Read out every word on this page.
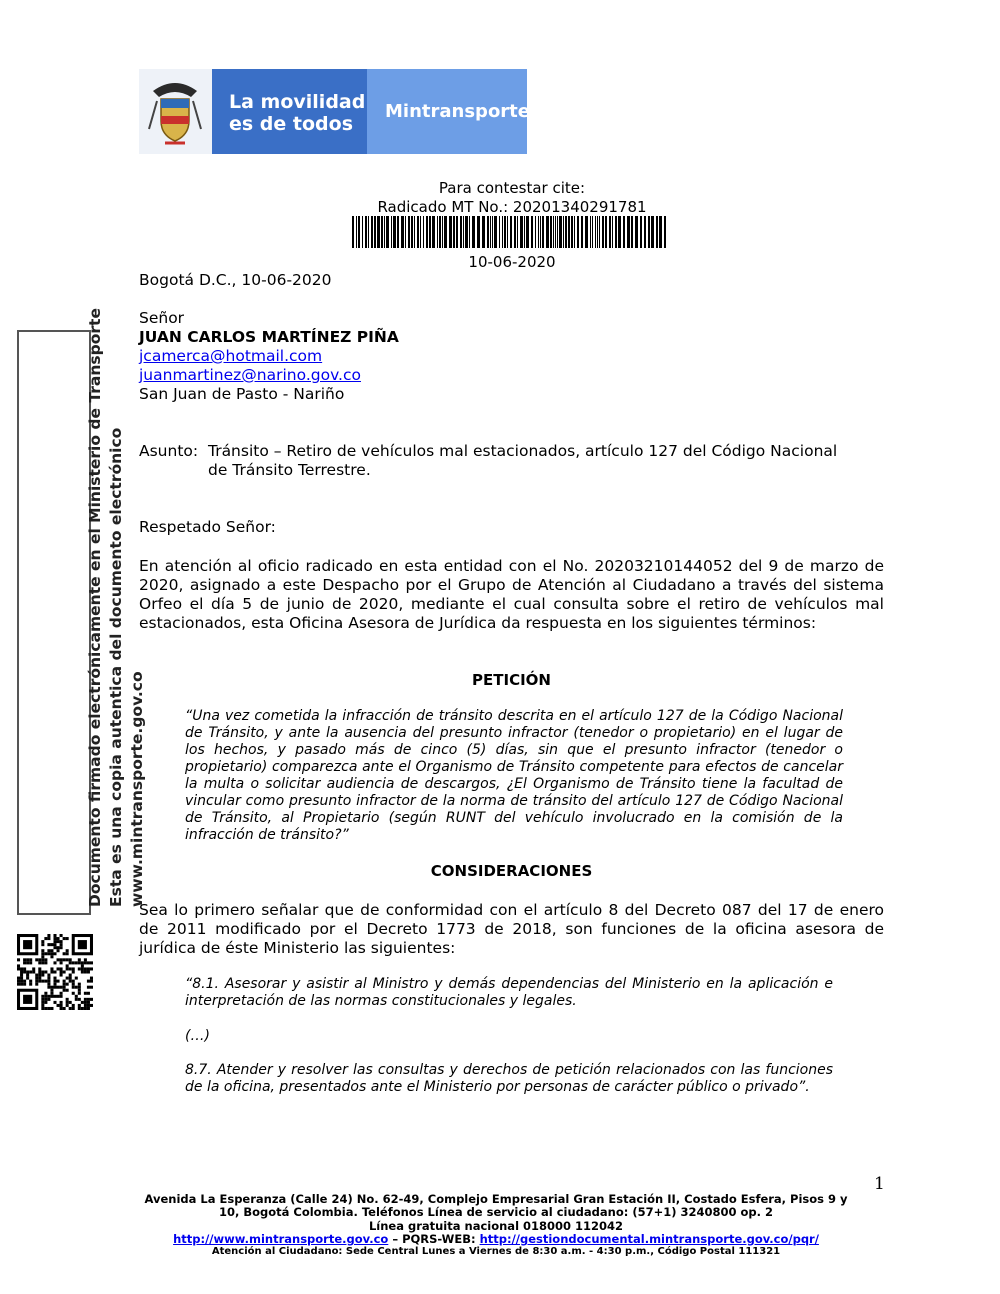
La movilidad
es de todos
Mintransporte
Para contestar cite:
Radicado MT No.: 20201340291781
10-06-2020
Bogotá D.C., 10-06-2020
Señor
JUAN CARLOS MARTÍNEZ PIÑA
jcamerca@hotmail.com
juanmartinez@narino.gov.co
San Juan de Pasto - Nariño
Asunto: Tránsito – Retiro de vehículos mal estacionados, artículo 127 del Código Nacional
de Tránsito Terrestre.
Respetado Señor:
En atención al oficio radicado en esta entidad con el No. 20203210144052 del 9 de marzo de 2020, asignado a este Despacho por el Grupo de Atención al Ciudadano a través del sistema Orfeo el día 5 de junio de 2020, mediante el cual consulta sobre el retiro de vehículos mal estacionados, esta Oficina Asesora de Jurídica da respuesta en los siguientes términos:
PETICIÓN
“Una vez cometida la infracción de tránsito descrita en el artículo 127 de la Código Nacional de Tránsito, y ante la ausencia del presunto infractor (tenedor o propietario) en el lugar de los hechos, y pasado más de cinco (5) días, sin que el presunto infractor (tenedor o propietario) comparezca ante el Organismo de Tránsito competente para efectos de cancelar la multa o solicitar audiencia de descargos, ¿El Organismo de Tránsito tiene la facultad de vincular como presunto infractor de la norma de tránsito del artículo 127 de Código Nacional de Tránsito, al Propietario (según RUNT del vehículo involucrado en la comisión de la infracción de tránsito?”
CONSIDERACIONES
Sea lo primero señalar que de conformidad con el artículo 8 del Decreto 087 del 17 de enero de 2011 modificado por el Decreto 1773 de 2018, son funciones de la oficina asesora de jurídica de éste Ministerio las siguientes:
“8.1. Asesorar y asistir al Ministro y demás dependencias del Ministerio en la aplicación e interpretación de las normas constitucionales y legales.
(…)
8.7. Atender y resolver las consultas y derechos de petición relacionados con las funciones de la oficina, presentados ante el Ministerio por personas de carácter público o privado”.
1
Documento firmado electrónicamente en el Ministerio de Transporte Esta es una copia autentica del documento electrónico www.mintransporte.gov.co
Avenida La Esperanza (Calle 24) No. 62-49, Complejo Empresarial Gran Estación II, Costado Esfera, Pisos 9 y
10, Bogotá Colombia. Teléfonos Línea de servicio al ciudadano: (57+1) 3240800 op. 2
Línea gratuita nacional 018000 112042
http://www.mintransporte.gov.co – PQRS-WEB: http://gestiondocumental.mintransporte.gov.co/pqr/
Atención al Ciudadano: Sede Central Lunes a Viernes de 8:30 a.m. - 4:30 p.m., Código Postal 111321
